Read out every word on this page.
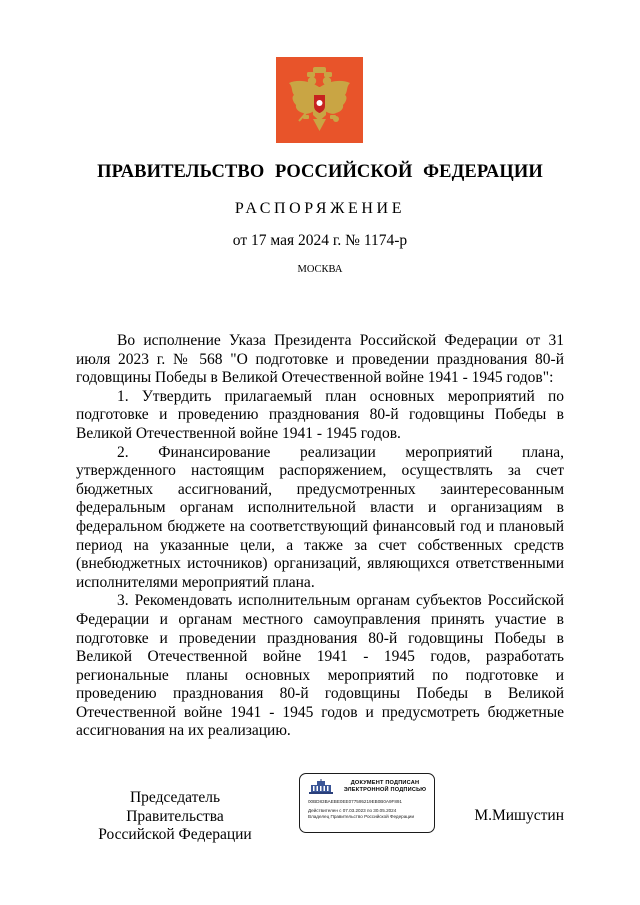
ПРАВИТЕЛЬСТВО РОССИЙСКОЙ ФЕДЕРАЦИИ
РАСПОРЯЖЕНИЕ
от 17 мая 2024 г. № 1174-р
МОСКВА

Во исполнение Указа Президента Российской Федерации от 31 июля 2023 г. № 568 "О подготовке и проведении празднования 80-й годовщины Победы в Великой Отечественной войне 1941 - 1945 годов":

1. Утвердить прилагаемый план основных мероприятий по подготовке и проведению празднования 80-й годовщины Победы в Великой Отечественной войне 1941 - 1945 годов.

2. Финансирование реализации мероприятий плана, утвержденного настоящим распоряжением, осуществлять за счет бюджетных ассигнований, предусмотренных заинтересованным федеральным органам исполнительной власти и организациям в федеральном бюджете на соответствующий финансовый год и плановый период на указанные цели, а также за счет собственных средств (внебюджетных источников) организаций, являющихся ответственными исполнителями мероприятий плана.

3. Рекомендовать исполнительным органам субъектов Российской Федерации и органам местного самоуправления принять участие в подготовке и проведении празднования 80-й годовщины Победы в Великой Отечественной войне 1941 - 1945 годов, разработать региональные планы основных мероприятий по подготовке и проведению празднования 80-й годовщины Победы в Великой Отечественной войне 1941 - 1945 годов и предусмотреть бюджетные ассигнования на их реализацию.

Председатель Правительства
Российской Федерации
ДОКУМЕНТ ПОДПИСАН
ЭЛЕКТРОННОЙ ПОДПИСЬЮ
00BD83BAEBE0EE077595219EB0B0A9F891
Действителен с 07.03.2023 по 30.05.2024
Владелец Правительство Российской Федерации	М.Мишустин
